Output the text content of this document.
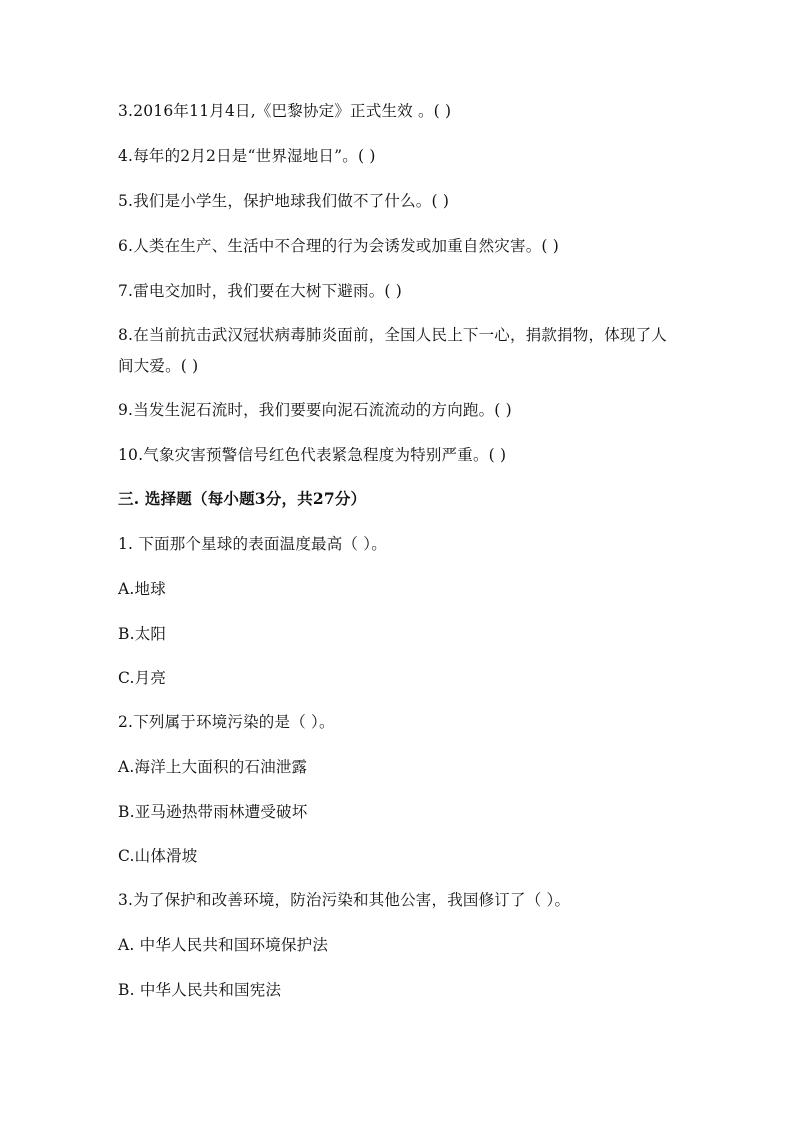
3.2016年11月4日,《巴黎协定》正式生效 。( )
4.每年的2月2日是“世界湿地日”。( )
5.我们是小学生，保护地球我们做不了什么。( )
6.人类在生产、生活中不合理的行为会诱发或加重自然灾害。( )
7.雷电交加时，我们要在大树下避雨。( )
8.在当前抗击武汉冠状病毒肺炎面前，全国人民上下一心，捐款捐物，体现了人
间大爱。( )
9.当发生泥石流时，我们要要向泥石流流动的方向跑。( )
10.气象灾害预警信号红色代表紧急程度为特别严重。( )
三. 选择题（每小题3分，共27分）
1. 下面那个星球的表面温度最高（ ）。
A.地球
B.太阳
C.月亮
2.下列属于环境污染的是（ ）。
A.海洋上大面积的石油泄露
B.亚马逊热带雨林遭受破坏
C.山体滑坡
3.为了保护和改善环境，防治污染和其他公害，我国修订了（ ）。
A. 中华人民共和国环境保护法
B. 中华人民共和国宪法
